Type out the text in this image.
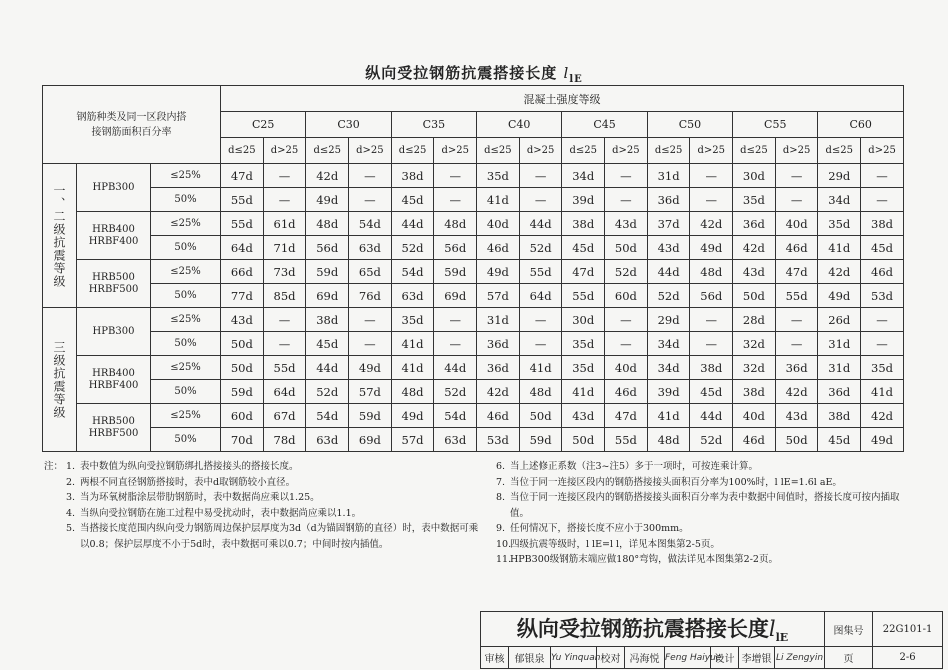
纵向受拉钢筋抗震搭接长度 $l_{lE}$
钢筋种类及同一区段内搭接钢筋面积百分率			混凝土强度等级															
			C25		C30		C35		C40		C45		C50		C55		C60	
			d≤25	d>25	d≤25	d>25	d≤25	d>25	d≤25	d>25	d≤25	d>25	d≤25	d>25	d≤25	d>25	d≤25	d>25
一、二级抗震等级	HPB300	≤25%	47d	—	42d	—	38d	—	35d	—	34d	—	31d	—	30d	—	29d	—
		50%	55d	—	49d	—	45d	—	41d	—	39d	—	36d	—	35d	—	34d	—
	HRB400 HRBF400	≤25%	55d	61d	48d	54d	44d	48d	40d	44d	38d	43d	37d	42d	36d	40d	35d	38d
		50%	64d	71d	56d	63d	52d	56d	46d	52d	45d	50d	43d	49d	42d	46d	41d	45d
	HRB500 HRBF500	≤25%	66d	73d	59d	65d	54d	59d	49d	55d	47d	52d	44d	48d	43d	47d	42d	46d
		50%	77d	85d	69d	76d	63d	69d	57d	64d	55d	60d	52d	56d	50d	55d	49d	53d
三级抗震等级	HPB300	≤25%	43d	—	38d	—	35d	—	31d	—	30d	—	29d	—	28d	—	26d	—
		50%	50d	—	45d	—	41d	—	36d	—	35d	—	34d	—	32d	—	31d	—
	HRB400 HRBF400	≤25%	50d	55d	44d	49d	41d	44d	36d	41d	35d	40d	34d	38d	32d	36d	31d	35d
		50%	59d	64d	52d	57d	48d	52d	42d	48d	41d	46d	39d	45d	38d	42d	36d	41d
	HRB500 HRBF500	≤25%	60d	67d	54d	59d	49d	54d	46d	50d	43d	47d	41d	44d	40d	43d	38d	42d
		50%	70d	78d	63d	69d	57d	63d	53d	59d	50d	55d	48d	52d	46d	50d	45d	49d
注： 1. 表中数值为纵向受拉钢筋绑扎搭接接头的搭接长度。
2. 两根不同直径钢筋搭接时，表中d取钢筋较小直径。
3. 当为环氧树脂涂层带肋钢筋时，表中数据尚应乘以1.25。
4. 当纵向受拉钢筋在施工过程中易受扰动时，表中数据尚应乘以1.1。
5. 当搭接长度范围内纵向受力钢筋周边保护层厚度为3d（d为锚固钢筋的直径）时，表中数据可乘以0.8；保护层厚度不小于5d时，表中数据可乘以0.7；中间时按内插值。
6. 当上述修正系数（注3~注5）多于一项时，可按连乘计算。
7. 当位于同一连接区段内的钢筋搭接接头面积百分率为100%时，l lE=1.6l aE。
8. 当位于同一连接区段内的钢筋搭接接头面积百分率为表中数据中间值时，搭接长度可按内插取值。
9. 任何情况下，搭接长度不应小于300mm。
10.
四级抗震等级时，l lE=l l，详见本图集第2-5页。
11.
HPB300级钢筋末端应做180°弯钩，做法详见本图集第2-2页。
纵向受拉钢筋抗震搭接长度$l_{lE}$									图集号	22G101-1
审核	郁银泉	Yu Yinquan	校对	冯海悦	Feng Haiyue	设计	李增银	Li Zengyin	页	2-6
